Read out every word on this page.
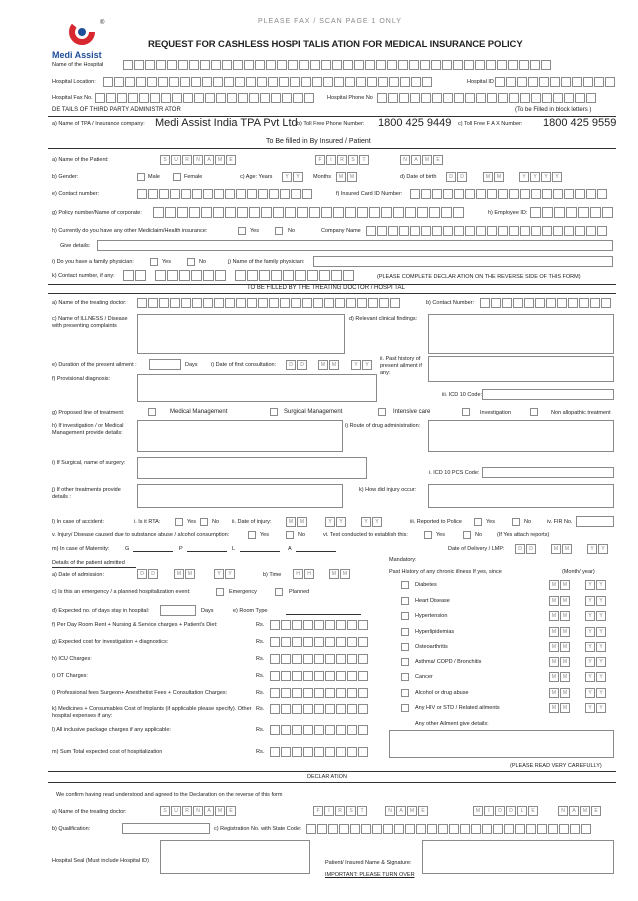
PLEASE FAX / SCAN PAGE 1 ONLY
REQUEST FOR CASHLESS HOSPI TALIS ATION FOR MEDICAL INSURANCE POLICY
Medi Assist
®
Name of the Hospital
Hospital Location:	Hospital ID
Hospital Fax No.	Hospital Phone No
DE TAILS OF THIRD PARTY ADMINISTR ATOR	(To be Filled in block letters )
a) Name of TPA / Insurance company: Medi Assist India TPA Pvt Ltd b) Toll Free Phone Number: 1800 425 9449 c) Toll Free F A X Number: 1800 425 9559
To Be filled in By Insured / Patient
a) Name of the Patient:	S	U	R	N	A	M	E	F	I	R	S	T	N	A	M	E
b) Gender:	Male	Female	c) Age: Years	Y	Y	Months	M	M	d) Date of birth	D	D	M	M	Y	Y	Y	Y
e) Contact number:	f) Insured Card ID Number:
g) Policy number/Name of corporate:	h) Employee ID:
h) Currently do you have any other Mediclaim/Health insurance:	Yes	No	Company Name
Give details:
i) Do you have a family physician:	Yes	No	j) Name of the family physician:
k) Contact number, if any:	(PLEASE COMPLETE DECLAR ATION ON THE REVERSE SIDE OF THIS FORM)
TO BE FILLED BY THE TREATING DOCTOR / HOSPI TAL
a) Name of the treating doctor:	b) Contact Number:
c) Name of ILLNESS / Disease with presenting complaints
d) Relevant clinical findings:
e) Duration of the present ailment :	Days i) Date of first consultation:	D	D	M	M	Y	Y
ii. Past history of present ailment if any:
f) Provisional diagnosis:
iii. ICD 10 Code:
g) Proposed line of treatment:	Medical Management	Surgical Management	Intensive care	Investigation	Non allopathic treatment
h) If investigation / or Medical Management provide details:
i) Route of drug administration:
i) If Surgical, name of surgery:
i. ICD 10 PCS Code:
j) If other treatments provide details :
k) How did injury occur:
l) In case of accident:	i. Is it RTA:	Yes	No ii. Date of injury:	M	M	Y	Y	Y	Y	iii. Reported to Police	Yes	No	iv. FIR No.
v. Injury/ Disease caused due to substance abuse / alcohol consumption:	Yes	No	vi. Test conducted to establish this:	Yes	No	(If Yes attach reports)
m) In case of Maternity:	G	P	L	A	Date of Delivery / LMP:	D	D	M	M	Y	Y
Details of the patient admitted
a) Date of admission:	D	D	M	M	Y	Y	b) Time	H	H	M	M
c) Is this an emergency / a planned hospitalization event:	Emergency	Planned
d) Expected no. of days stay in hospital:	Days	e) Room Type
f) Per Day Room Rent + Nursing & Service charges + Patient's Diet:	Rs.
g) Expected cost for investigation + diagnostics:	Rs.
h) ICU Charges:	Rs.
i) OT Charges:	Rs.
i) Professional fees Surgeon+ Anesthetist Fees + Consultation Charges:	Rs.
k) Medicines + Consumables Cost of Implants (if applicable please specify). Other hospital expenses if any:
Rs.
l) All inclusive package charges if any applicable:	Rs.
m) Sum Total expected cost of hospitalization	Rs.
Mandatory:
Past History of any chronic illness If yes, since	(Month/ year)
Diabetes	M	M	Y	Y
Heart Disease	M	M	Y	Y
Hypertension	M	M	Y	Y
Hyperlipidemias	M	M	Y	Y
Osteoarthritis	M	M	Y	Y
Asthma/ COPD / Bronchitis	M	M	Y	Y
Cancer	M	M	Y	Y
Alcohol or drug abuse	M	M	Y	Y
Any HIV or STD / Related ailments	M	M	Y	Y
Any other Ailment give details:
(PLEASE READ VERY CAREFULLY)
DECLAR ATION
We confirm having read understood and agreed to the Declaration on the reverse of this form
a) Name of the treating doctor:	S	U	R	N	A	M	E	F	I	R	S	T	N	A	M	E	M	I	D	D	L	E	N	A	M	E
b) Qualification:	c) Registration No. with State Code:
Hospital Seal (Must include Hospital ID)	Patient/ Insured Name & Signature:
IMPORTANT: PLEASE TURN OVER
